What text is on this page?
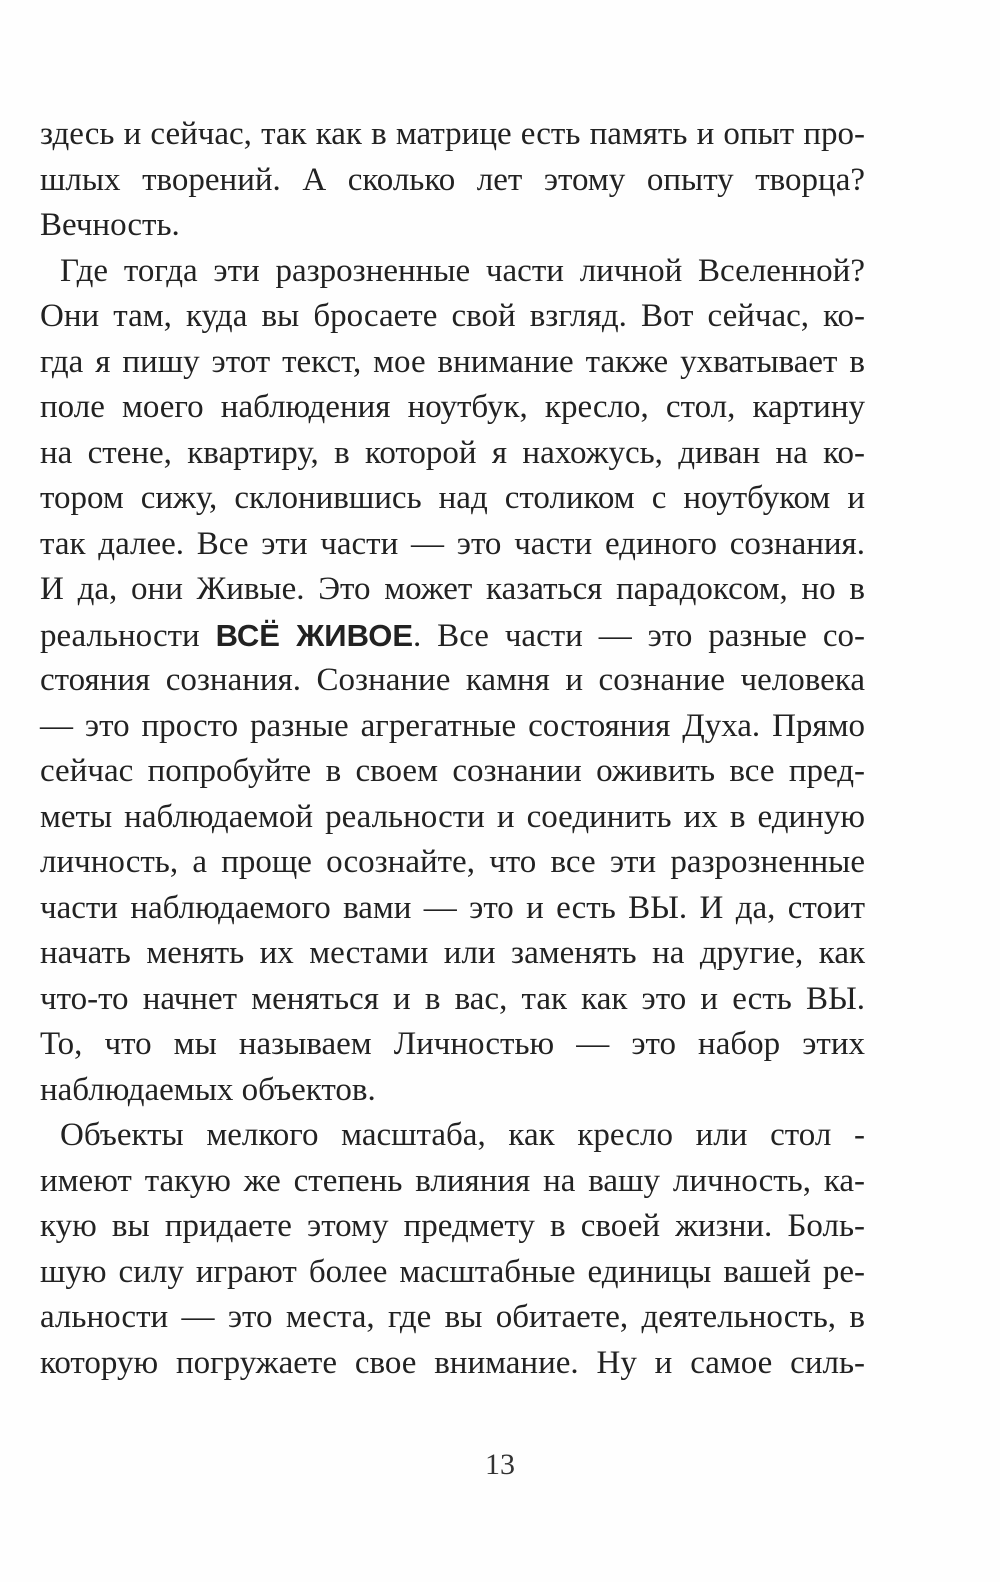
здесь и сейчас, так как в матрице есть память и опыт про-
шлых творений. А сколько лет этому опыту творца?
Вечность.
Где тогда эти разрозненные части личной Вселенной?
Они там, куда вы бросаете свой взгляд. Вот сейчас, ко-
гда я пишу этот текст, мое внимание также ухватывает в
поле моего наблюдения ноутбук, кресло, стол, картину
на стене, квартиру, в которой я нахожусь, диван на ко-
тором сижу, склонившись над столиком с ноутбуком и
так далее. Все эти части — это части единого сознания.
И да, они Живые. Это может казаться парадоксом, но в
реальности ВСЁ ЖИВОЕ. Все части — это разные со-
стояния сознания. Сознание камня и сознание человека
— это просто разные агрегатные состояния Духа. Прямо
сейчас попробуйте в своем сознании оживить все пред-
меты наблюдаемой реальности и соединить их в единую
личность, а проще осознайте, что все эти разрозненные
части наблюдаемого вами — это и есть ВЫ. И да, стоит
начать менять их местами или заменять на другие, как
что-то начнет меняться и в вас, так как это и есть ВЫ.
То, что мы называем Личностью — это набор этих
наблюдаемых объектов.
Объекты мелкого масштаба, как кресло или стол -
имеют такую же степень влияния на вашу личность, ка-
кую вы придаете этому предмету в своей жизни. Боль-
шую силу играют более масштабные единицы вашей ре-
альности — это места, где вы обитаете, деятельность, в
которую погружаете свое внимание. Ну и самое силь-
13
